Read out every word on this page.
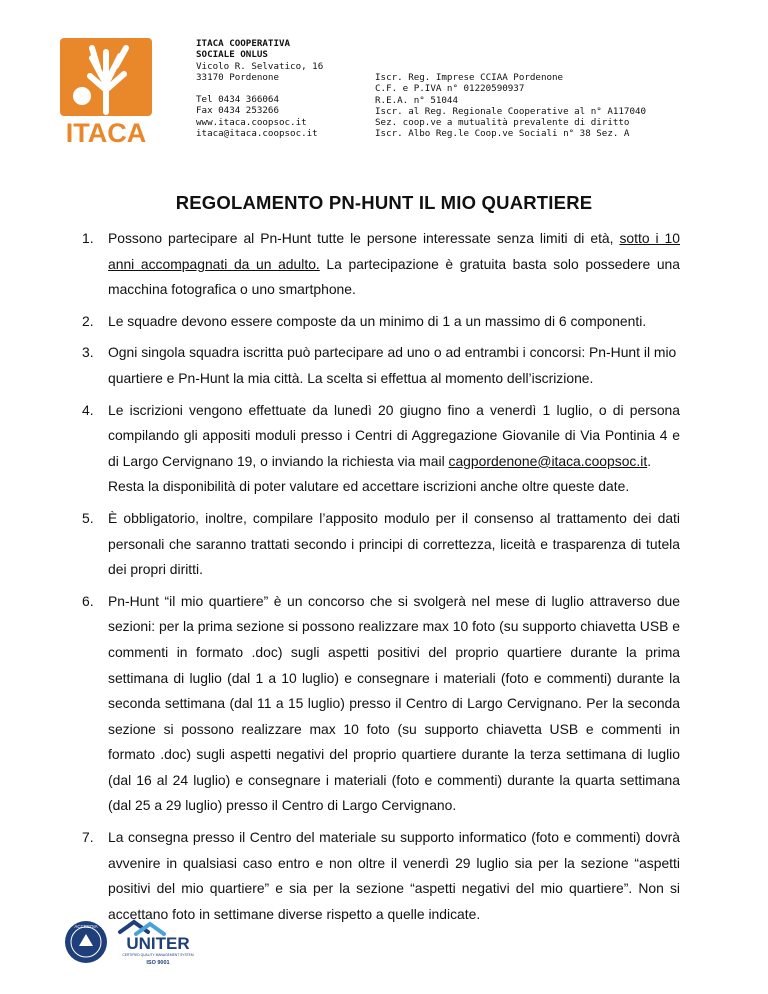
ITACA
ITACA COOPERATIVA
SOCIALE ONLUS
Vicolo R. Selvatico, 16
33170 Pordenone
Tel 0434 366064
Fax 0434 253266
www.itaca.coopsoc.it
itaca@itaca.coopsoc.it
Iscr. Reg. Imprese CCIAA Pordenone
C.F. e P.IVA n° 01220590937
R.E.A. n° 51044
Iscr. al Reg. Regionale Cooperative al n° A117040
Sez. coop.ve a mutualità prevalente di diritto
Iscr. Albo Reg.le Coop.ve Sociali n° 38 Sez. A
REGOLAMENTO PN-HUNT IL MIO QUARTIERE
1. Possono partecipare al Pn-Hunt tutte le persone interessate senza limiti di età, sotto i 10 anni accompagnati da un adulto. La partecipazione è gratuita basta solo possedere una macchina fotografica o uno smartphone.

2. Le squadre devono essere composte da un minimo di 1 a un massimo di 6 componenti.

3. Ogni singola squadra iscritta può partecipare ad uno o ad entrambi i concorsi: Pn-Hunt il mio quartiere e Pn-Hunt la mia città. La scelta si effettua al momento dell’iscrizione.

4. Le iscrizioni vengono effettuate da lunedì 20 giugno fino a venerdì 1 luglio, o di persona compilando gli appositi moduli presso i Centri di Aggregazione Giovanile di Via Pontinia 4 e di Largo Cervignano 19, o inviando la richiesta via mail cagpordenone@itaca.coopsoc.it.

Resta la disponibilità di poter valutare ed accettare iscrizioni anche oltre queste date.

5. È obbligatorio, inoltre, compilare l’apposito modulo per il consenso al trattamento dei dati personali che saranno trattati secondo i principi di correttezza, liceità e trasparenza di tutela dei propri diritti.

6. Pn-Hunt “il mio quartiere” è un concorso che si svolgerà nel mese di luglio attraverso due sezioni: per la prima sezione si possono realizzare max 10 foto (su supporto chiavetta USB e commenti in formato .doc) sugli aspetti positivi del proprio quartiere durante la prima settimana di luglio (dal 1 a 10 luglio) e consegnare i materiali (foto e commenti) durante la seconda settimana (dal 11 a 15 luglio) presso il Centro di Largo Cervignano. Per la seconda sezione si possono realizzare max 10 foto (su supporto chiavetta USB e commenti in formato .doc) sugli aspetti negativi del proprio quartiere durante la terza settimana di luglio (dal 16 al 24 luglio) e consegnare i materiali (foto e commenti) durante la quarta settimana (dal 25 a 29 luglio) presso il Centro di Largo Cervignano.

7. La consegna presso il Centro del materiale su supporto informatico (foto e commenti) dovrà avvenire in qualsiasi caso entro e non oltre il venerdì 29 luglio sia per la sezione “aspetti positivi del mio quartiere” e sia per la sezione “aspetti negativi del mio quartiere”. Non si accettano foto in settimane diverse rispetto a quelle indicate.

ACCREDIA
UNITER
CERTIFIED QUALITY MANAGEMENT SYSTEM
ISO 9001
